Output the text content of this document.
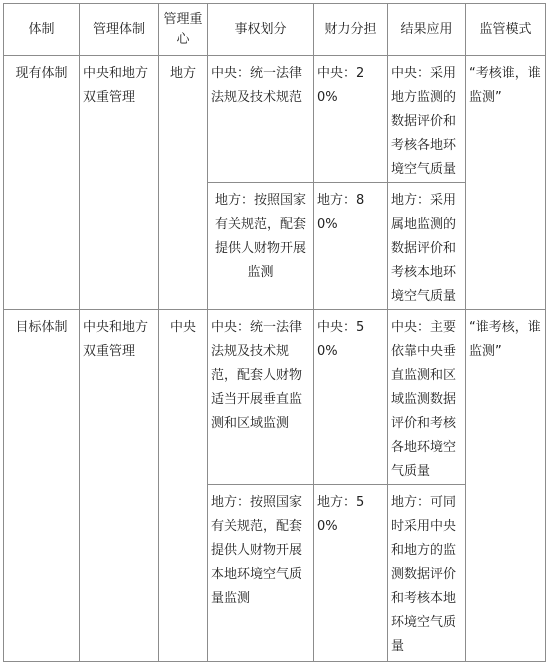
体制	管理体制	管理重心	事权划分	财力分担	结果应用	监管模式
现有体制	中央和地方双重管理	地方	中央：统一法律法规及技术规范	中央：20%	中央：采用地方监测的数据评价和考核各地环境空气质量	“考核谁，谁监测”
			地方：按照国家有关规范，配套提供人财物开展监测	地方：80%	地方：采用属地监测的数据评价和考核本地环境空气质量	
目标体制	中央和地方双重管理	中央	中央：统一法律法规及技术规范，配套人财物适当开展垂直监测和区域监测	中央：50%	中央：主要依靠中央垂直监测和区域监测数据评价和考核各地环境空气质量	“谁考核，谁监测”
			地方：按照国家有关规范，配套提供人财物开展本地环境空气质量监测	地方：50%	地方：可同时采用中央和地方的监测数据评价和考核本地环境空气质量	
